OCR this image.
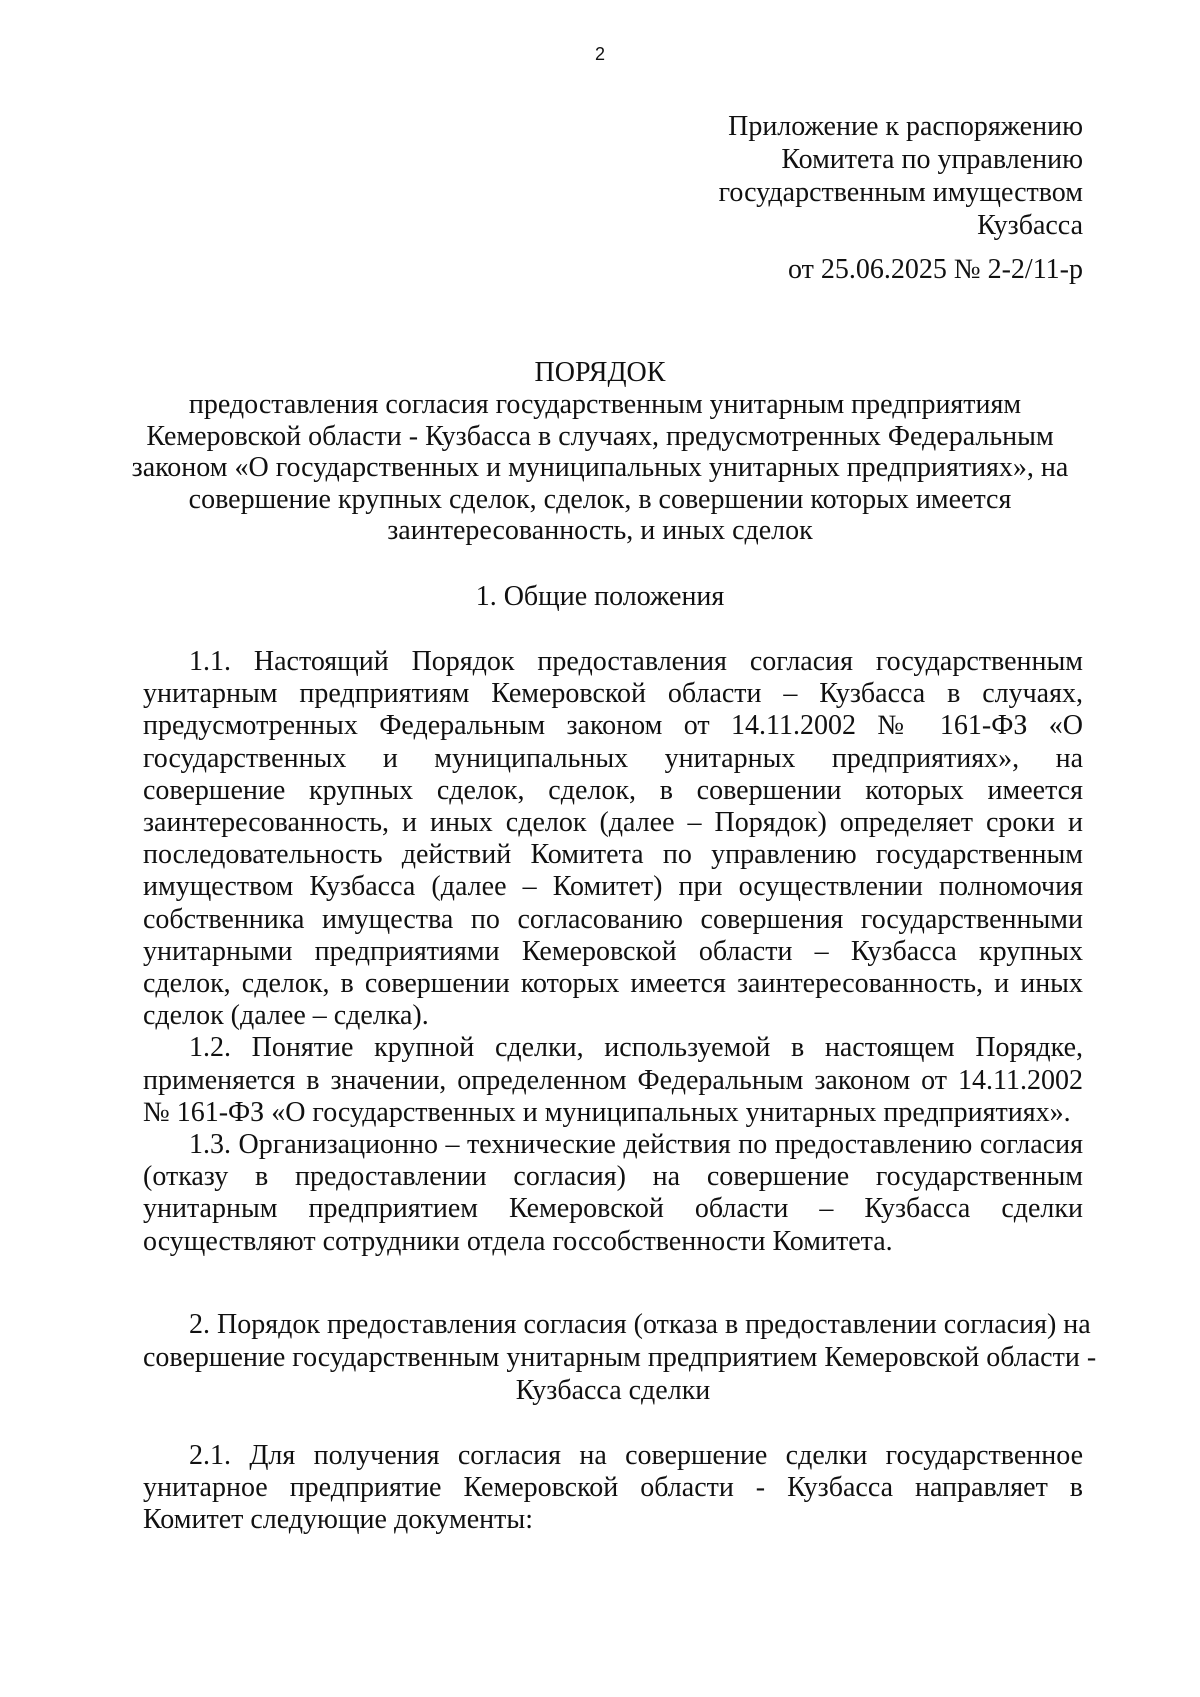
2
Приложение к распоряжению
Комитета по управлению
государственным имуществом
Кузбасса
от 25.06.2025 № 2-2/11-р
ПОРЯДОК
предоставления согласия государственным унитарным предприятиям
Кемеровской области - Кузбасса в случаях, предусмотренных Федеральным
законом «О государственных и муниципальных унитарных предприятиях», на
совершение крупных сделок, сделок, в совершении которых имеется
заинтересованность, и иных сделок
1. Общие положения

1.1. Настоящий Порядок предоставления согласия государственным унитарным предприятиям Кемеровской области – Кузбасса в случаях, предусмотренных Федеральным законом от 14.11.2002 № 161-ФЗ «О государственных и муниципальных унитарных предприятиях», на совершение крупных сделок, сделок, в совершении которых имеется заинтересованность, и иных сделок (далее – Порядок) определяет сроки и последовательность действий Комитета по управлению государственным имуществом Кузбасса (далее – Комитет) при осуществлении полномочия собственника имущества по согласованию совершения государственными унитарными предприятиями Кемеровской области – Кузбасса крупных сделок, сделок, в совершении которых имеется заинтересованность, и иных сделок (далее – сделка).

1.2. Понятие крупной сделки, используемой в настоящем Порядке, применяется в значении, определенном Федеральным законом от 14.11.2002 № 161-ФЗ «О государственных и муниципальных унитарных предприятиях».

1.3. Организационно – технические действия по предоставлению согласия (отказу в предоставлении согласия) на совершение государственным унитарным предприятием Кемеровской области – Кузбасса сделки осуществляют сотрудники отдела госсобственности Комитета.

2. Порядок предоставления согласия (отказа в предоставлении согласия) на
совершение государственным унитарным предприятием Кемеровской области -
Кузбасса сделки

2.1. Для получения согласия на совершение сделки государственное унитарное предприятие Кемеровской области - Кузбасса направляет в Комитет следующие документы:
